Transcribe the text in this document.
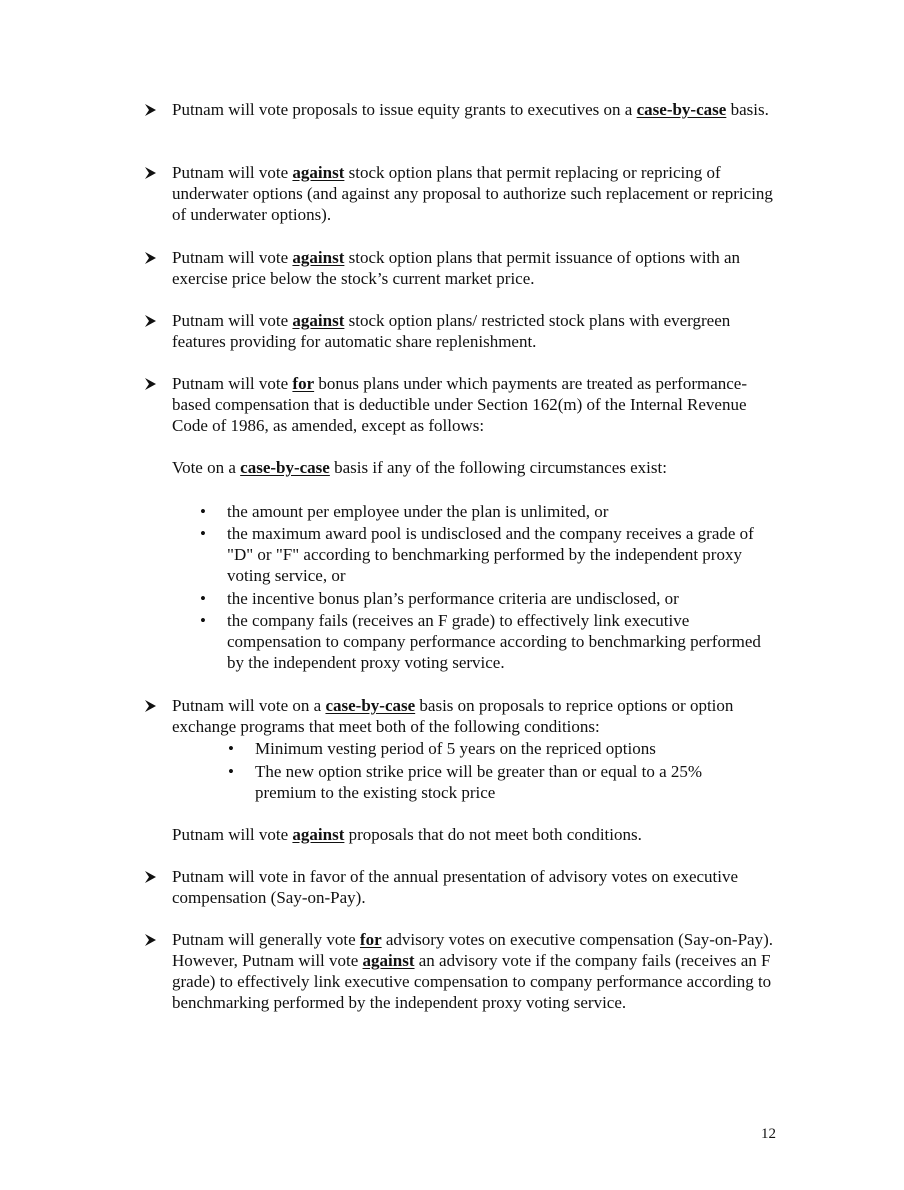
Putnam will vote proposals to issue equity grants to executives on a case-by-case basis.
Putnam will vote against stock option plans that permit replacing or repricing of underwater options (and against any proposal to authorize such replacement or repricing of underwater options).
Putnam will vote against stock option plans that permit issuance of options with an exercise price below the stock’s current market price.
Putnam will vote against stock option plans/ restricted stock plans with evergreen features providing for automatic share replenishment.
Putnam will vote for bonus plans under which payments are treated as performance-based compensation that is deductible under Section 162(m) of the Internal Revenue Code of 1986, as amended, except as follows:
Vote on a case-by-case basis if any of the following circumstances exist:
• the amount per employee under the plan is unlimited, or
• the maximum award pool is undisclosed and the company receives a grade of "D" or "F" according to benchmarking performed by the independent proxy voting service, or
• the incentive bonus plan’s performance criteria are undisclosed, or
• the company fails (receives an F grade) to effectively link executive compensation to company performance according to benchmarking performed by the independent proxy voting service.
Putnam will vote on a case-by-case basis on proposals to reprice options or option exchange programs that meet both of the following conditions:
• Minimum vesting period of 5 years on the repriced options
• The new option strike price will be greater than or equal to a 25% premium to the existing stock price
Putnam will vote against proposals that do not meet both conditions.
Putnam will vote in favor of the annual presentation of advisory votes on executive compensation (Say-on-Pay).
Putnam will generally vote for advisory votes on executive compensation (Say-on-Pay). However, Putnam will vote against an advisory vote if the company fails (receives an F grade) to effectively link executive compensation to company performance according to benchmarking performed by the independent proxy voting service.
12
